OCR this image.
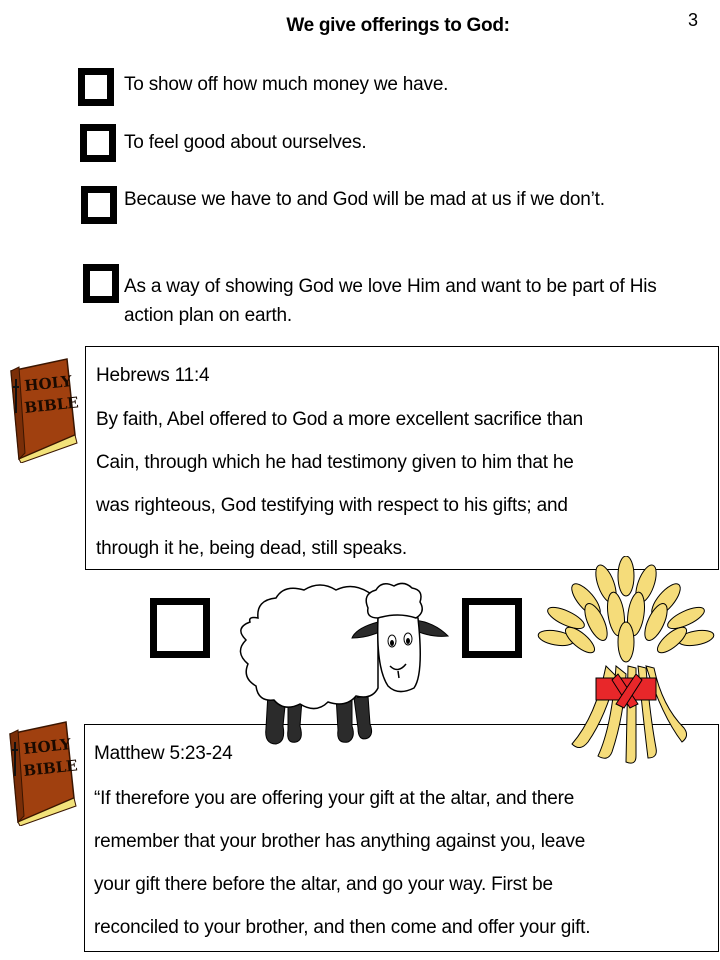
We give offerings to God:	3
To show off how much money we have.
To feel good about ourselves.
Because we have to and God will be mad at us if we don’t.
As a way of showing God we love Him and want to be part of His action plan on earth.
HOLY
BIBLE
Hebrews 11:4
By faith, Abel offered to God a more excellent sacrifice than
Cain, through which he had testimony given to him that he
was righteous, God testifying with respect to his gifts; and
through it he, being dead, still speaks.
Matthew 5:23-24
“If therefore you are offering your gift at the altar, and there
remember that your brother has anything against you, leave
your gift there before the altar, and go your way. First be
reconciled to your brother, and then come and offer your gift.
HOLY
BIBLE
